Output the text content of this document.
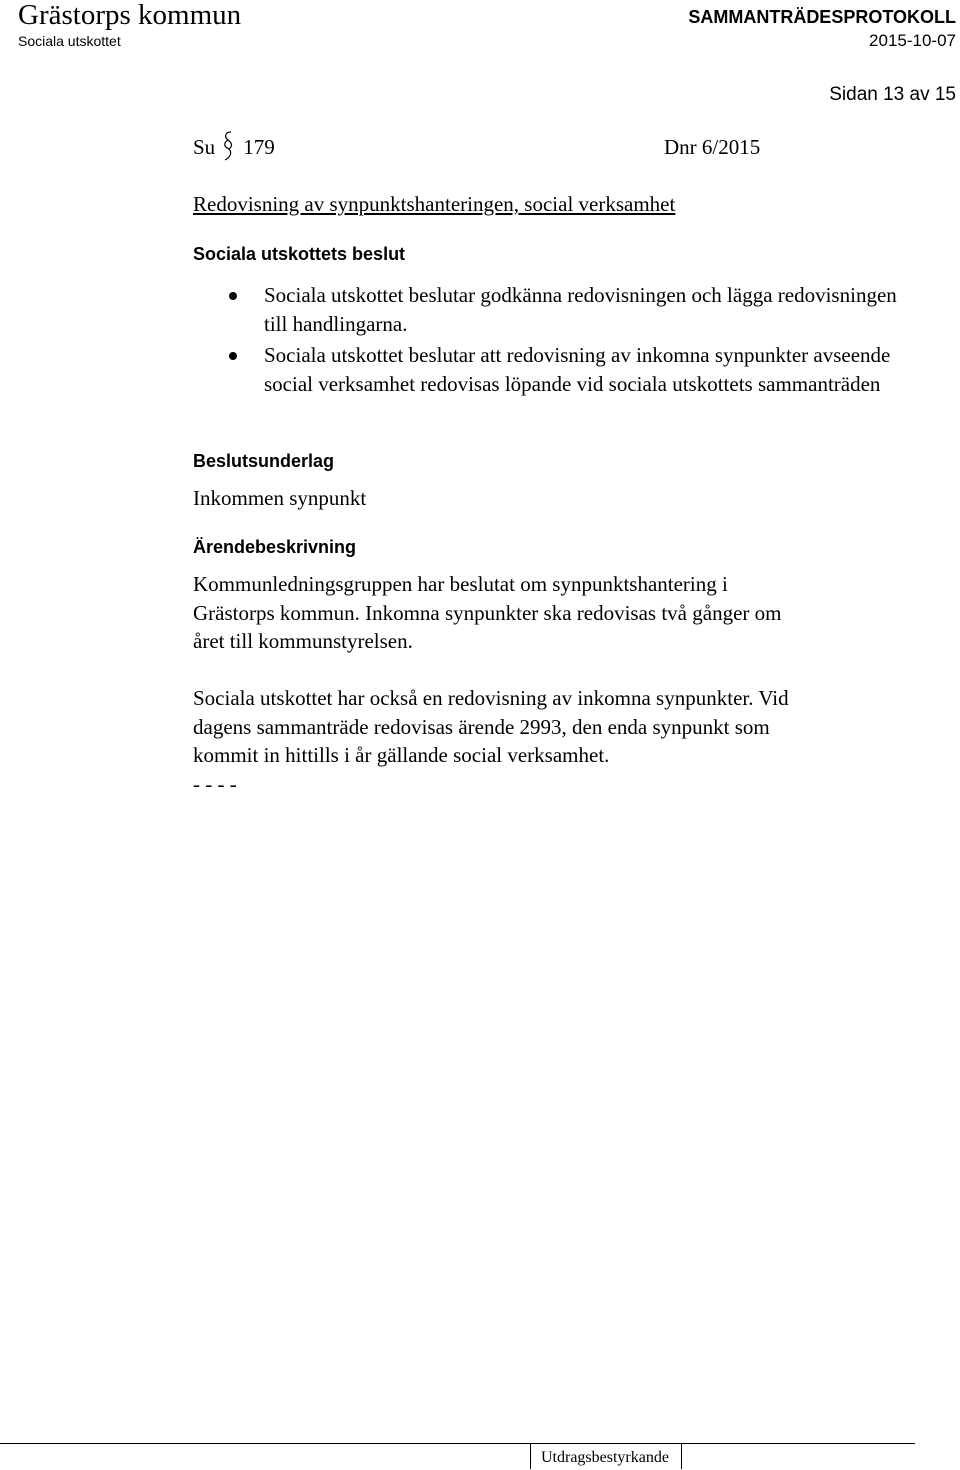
Grästorps kommun
Sociala utskottet
SAMMANTRÄDESPROTOKOLL
2015-10-07
Sidan 13 av 15
Su 179	Dnr 6/2015
Redovisning av synpunktshanteringen, social verksamhet
Sociala utskottets beslut
Sociala utskottet beslutar godkänna redovisningen och lägga redovisningen till handlingarna.
Sociala utskottet beslutar att redovisning av inkomna synpunkter avseende social verksamhet redovisas löpande vid sociala utskottets sammanträden
Beslutsunderlag
Inkommen synpunkt
Ärendebeskrivning
Kommunledningsgruppen har beslutat om synpunktshantering i
Grästorps kommun. Inkomna synpunkter ska redovisas två gånger om
året till kommunstyrelsen.
Sociala utskottet har också en redovisning av inkomna synpunkter. Vid
dagens sammanträde redovisas ärende 2993, den enda synpunkt som
kommit in hittills i år gällande social verksamhet.
- - - -
Utdragsbestyrkande
